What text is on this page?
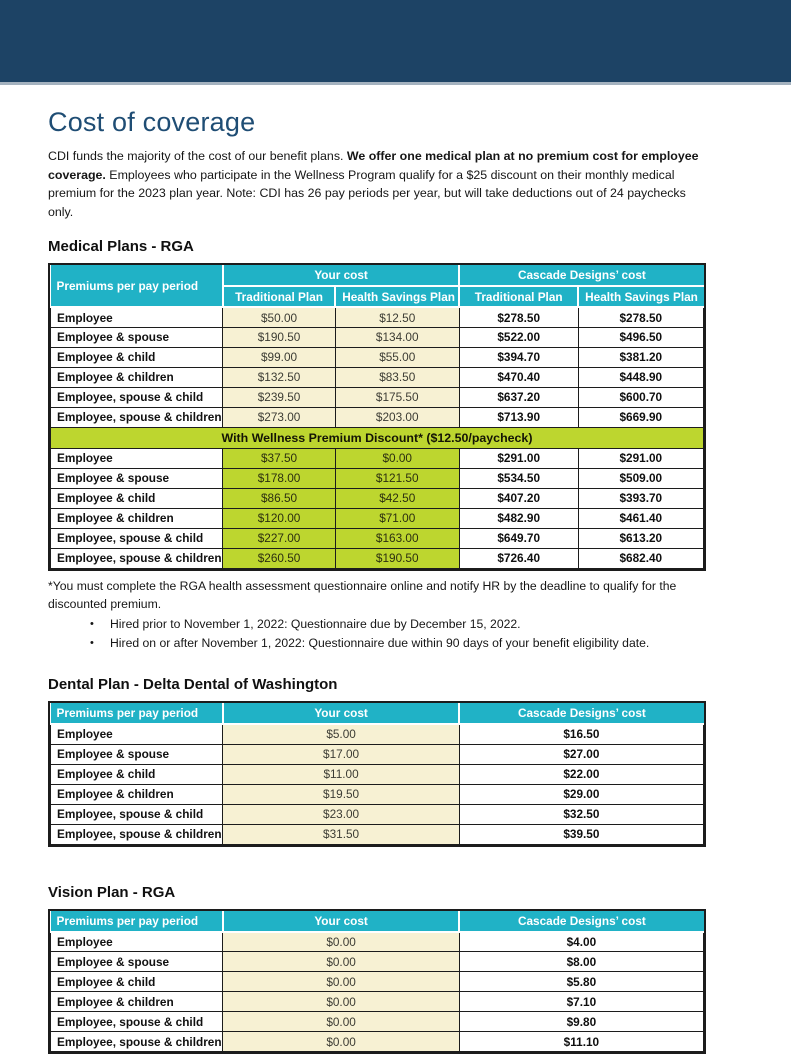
Cost of coverage

CDI funds the majority of the cost of our benefit plans. We offer one medical plan at no premium cost for employee coverage. Employees who participate in the Wellness Program qualify for a $25 discount on their monthly medical premium for the 2023 plan year. Note: CDI has 26 pay periods per year, but will take deductions out of 24 paychecks only.

Medical Plans - RGA
Premiums per pay period	Your cost		Cascade Designs’ cost	
	Traditional Plan	Health Savings Plan	Traditional Plan	Health Savings Plan
Employee	$50.00	$12.50	$278.50	$278.50
Employee & spouse	$190.50	$134.00	$522.00	$496.50
Employee & child	$99.00	$55.00	$394.70	$381.20
Employee & children	$132.50	$83.50	$470.40	$448.90
Employee, spouse & child	$239.50	$175.50	$637.20	$600.70
Employee, spouse & children	$273.00	$203.00	$713.90	$669.90
With Wellness Premium Discount* ($12.50/paycheck)				
Employee	$37.50	$0.00	$291.00	$291.00
Employee & spouse	$178.00	$121.50	$534.50	$509.00
Employee & child	$86.50	$42.50	$407.20	$393.70
Employee & children	$120.00	$71.00	$482.90	$461.40
Employee, spouse & child	$227.00	$163.00	$649.70	$613.20
Employee, spouse & children	$260.50	$190.50	$726.40	$682.40
*You must complete the RGA health assessment questionnaire online and notify HR by the deadline to qualify for the discounted premium.
•	Hired prior to November 1, 2022: Questionnaire due by December 15, 2022.
•	Hired on or after November 1, 2022: Questionnaire due within 90 days of your benefit eligibility date.
Dental Plan - Delta Dental of Washington
Premiums per pay period	Your cost	Cascade Designs’ cost
Employee	$5.00	$16.50
Employee & spouse	$17.00	$27.00
Employee & child	$11.00	$22.00
Employee & children	$19.50	$29.00
Employee, spouse & child	$23.00	$32.50
Employee, spouse & children	$31.50	$39.50
Vision Plan - RGA
Premiums per pay period	Your cost	Cascade Designs’ cost
Employee	$0.00	$4.00
Employee & spouse	$0.00	$8.00
Employee & child	$0.00	$5.80
Employee & children	$0.00	$7.10
Employee, spouse & child	$0.00	$9.80
Employee, spouse & children	$0.00	$11.10
